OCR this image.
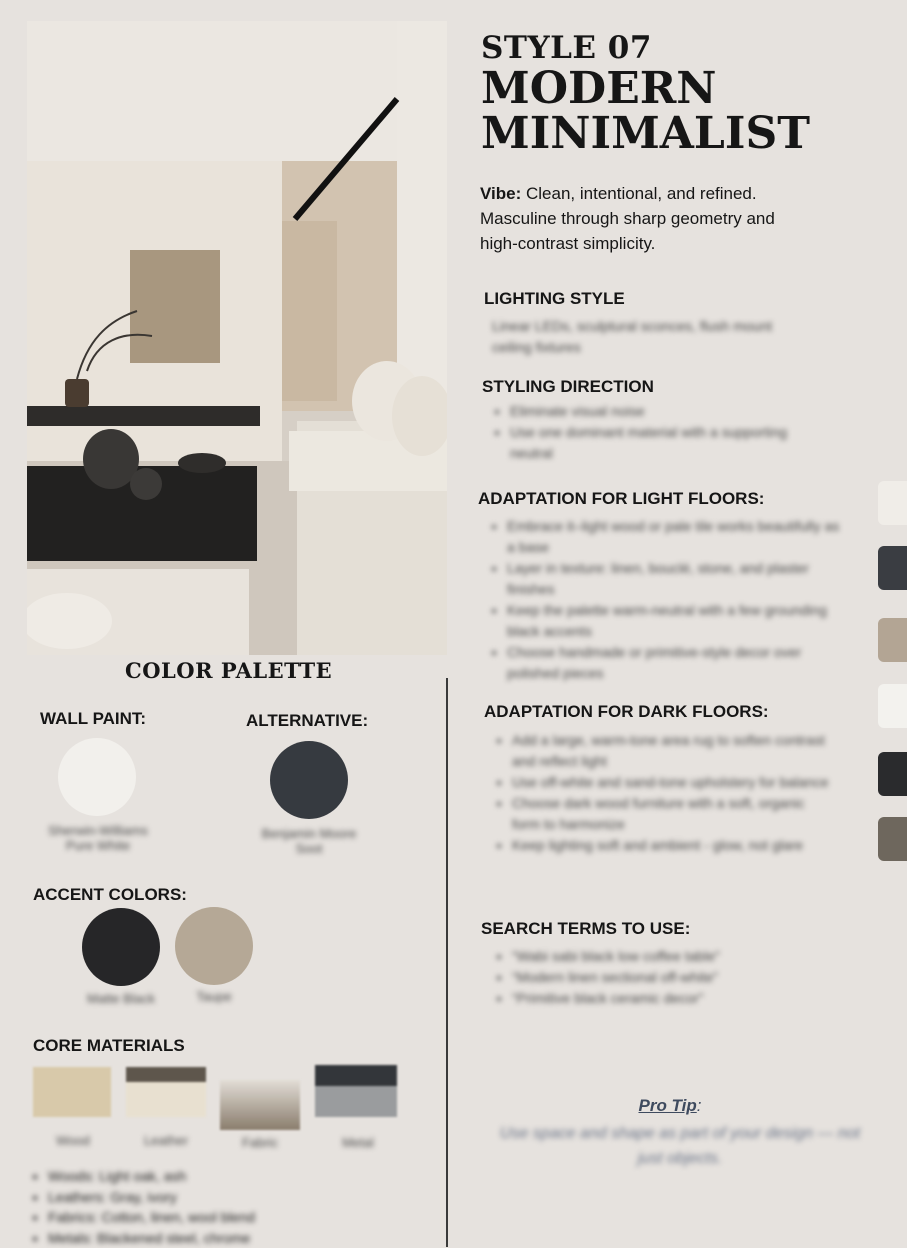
STYLE 07
MODERN
MINIMALIST
Vibe: Clean, intentional, and refined. Masculine through sharp geometry and high-contrast simplicity.
LIGHTING STYLE
Linear LEDs, sculptural sconces, flush mount ceiling fixtures
STYLING DIRECTION
• Eliminate visual noise
• Use one dominant material with a supporting neutral
ADAPTATION FOR LIGHT FLOORS:
• Embrace it–light wood or pale tile works beautifully as a base
• Layer in texture: linen, bouclé, stone, and plaster finishes
• Keep the palette warm-neutral with a few grounding black accents
• Choose handmade or primitive-style decor over polished pieces
ADAPTATION FOR DARK FLOORS:
• Add a large, warm-tone area rug to soften contrast and reflect light
• Use off-white and sand-tone upholstery for balance
• Choose dark wood furniture with a soft, organic form to harmonize
• Keep lighting soft and ambient - glow, not glare
SEARCH TERMS TO USE:
• “Wabi sabi black low coffee table”
• “Modern linen sectional off-white”
• “Primitive black ceramic decor”
Pro Tip:
Use space and shape as part of your design — not just objects.
COLOR PALETTE
WALL PAINT:
Sherwin-Williams Pure White
ALTERNATIVE:
Benjamin Moore Soot
ACCENT COLORS:
Matte Black	Taupe
CORE MATERIALS
Wood	Leather	Fabric	Metal
• Woods: Light oak, ash
• Leathers: Gray, ivory
• Fabrics: Cotton, linen, wool blend
• Metals: Blackened steel, chrome
